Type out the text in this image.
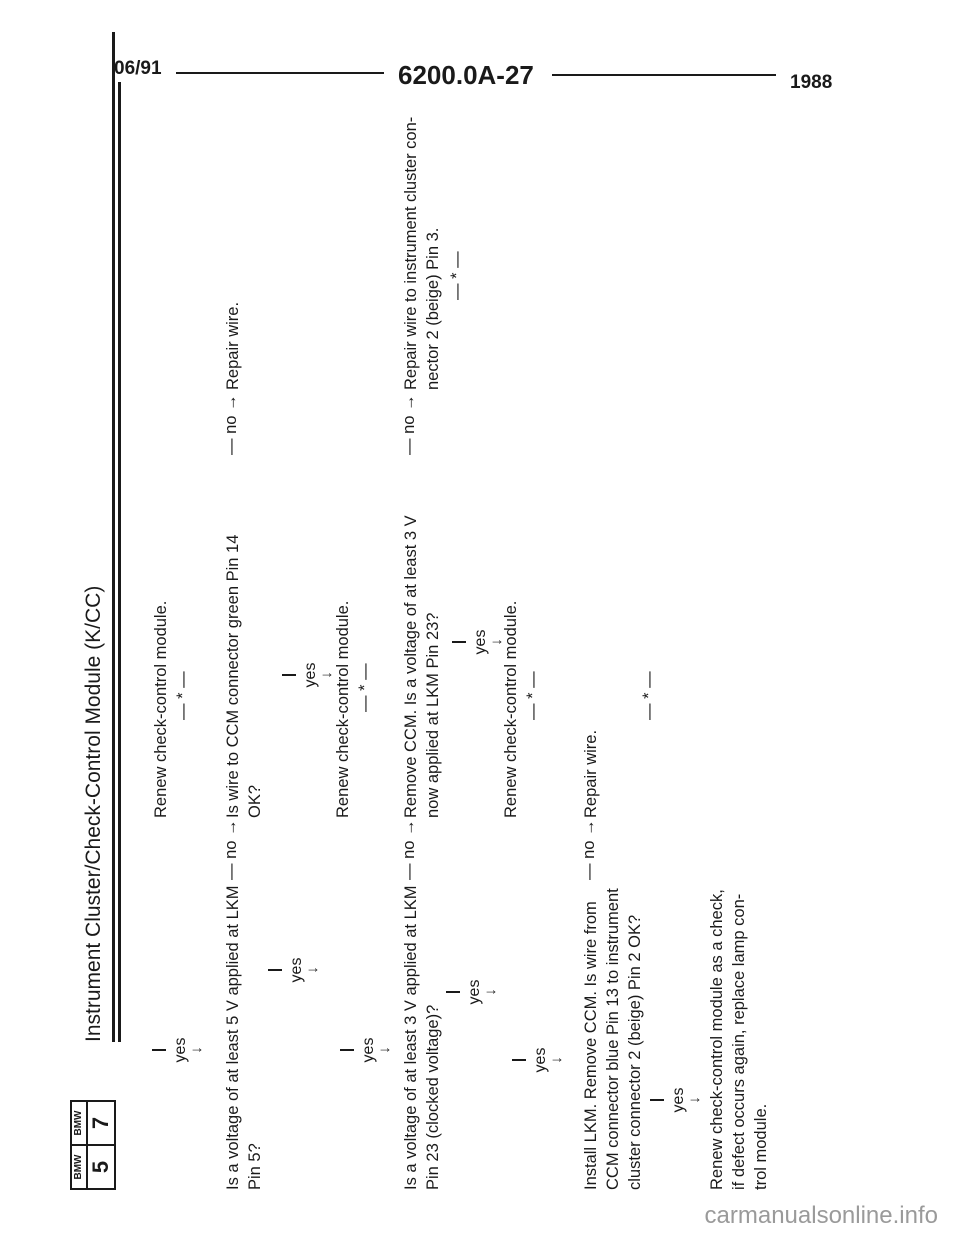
06/91	6200.0A-27	1988
BMW 5
BMW 7
Instrument Cluster/Check-Control Module (K/CC)
yes ↓
Renew check-control module. — * —
Is a voltage of at least 5 V applied at LKM Pin 5?
— no →
Is wire to CCM connector green Pin 14 OK?
— no →
Repair wire.
yes ↓
yes ↓ Renew check-control module. — * —
yes ↓ Is a voltage of at least 3 V applied at LKM Pin 23 (clocked voltage)?
— no →
Remove CCM. Is a voltage of at least 3 V now applied at LKM Pin 23?
— no →
Repair wire to instrument cluster con- nector 2 (beige) Pin 3. — * —
yes ↓
yes ↓
Renew check-control module. — * —
yes ↓ Install LKM. Remove CCM. Is wire from CCM connector blue Pin 13 to instrument cluster connector 2 (beige) Pin 2 OK?
— no →
Repair wire.
— * —
yes ↓ Renew check-control module as a check, if defect occurs again, replace lamp con- trol module.
carmanualsonline.info
